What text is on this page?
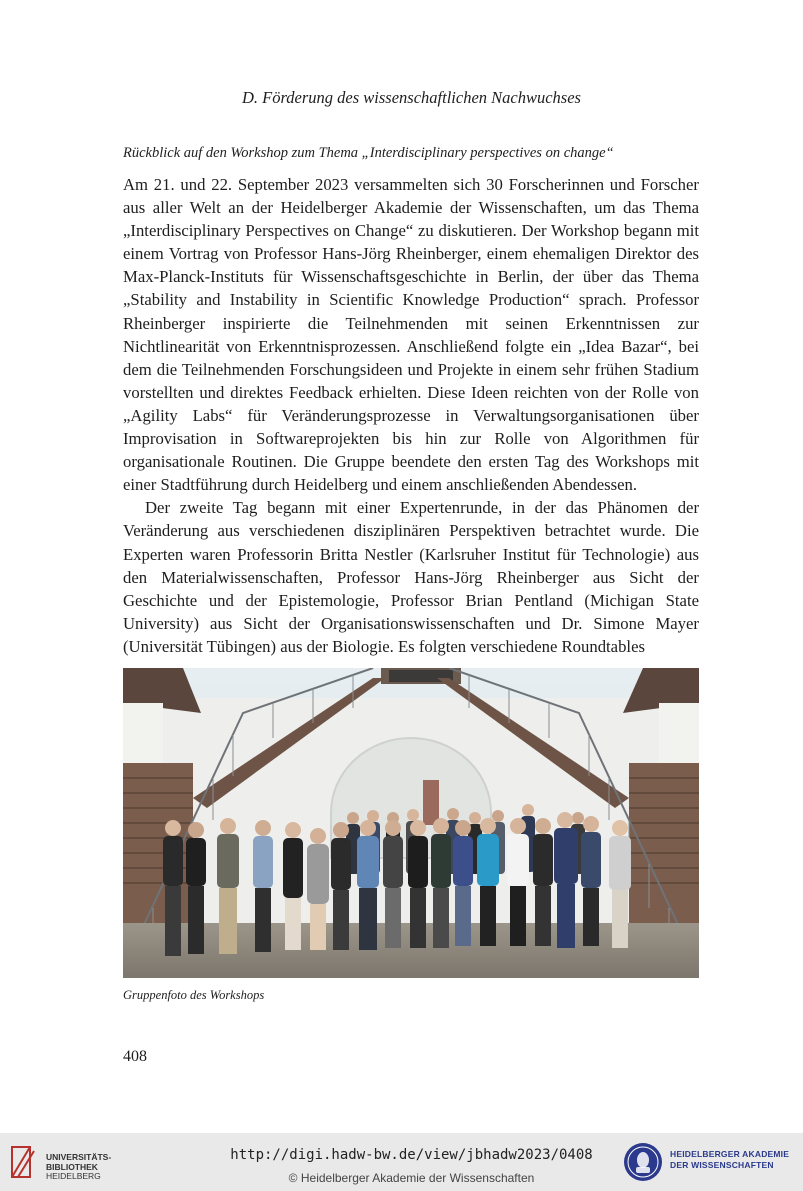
D. Förderung des wissenschaftlichen Nachwuchses
Rückblick auf den Workshop zum Thema „Interdisciplinary perspectives on change“

Am 21. und 22. September 2023 versammelten sich 30 Forscherinnen und Forscher aus aller Welt an der Heidelberger Akademie der Wissenschaften, um das Thema „Interdisciplinary Perspectives on Change“ zu diskutieren. Der Workshop begann mit einem Vortrag von Professor Hans-Jörg Rheinberger, einem ehemaligen Direktor des Max-Planck-Instituts für Wissenschaftsgeschichte in Berlin, der über das Thema „Stability and Instability in Scientific Knowledge Production“ sprach. Professor Rheinberger inspirierte die Teilnehmenden mit seinen Erkenntnissen zur Nichtlinearität von Erkenntnisprozessen. Anschließend folgte ein „Idea Bazar“, bei dem die Teilnehmenden Forschungsideen und Projekte in einem sehr frühen Stadium vorstellten und direktes Feedback erhielten. Diese Ideen reichten von der Rolle von „Agility Labs“ für Veränderungsprozesse in Verwaltungsorganisationen über Improvisation in Softwareprojekten bis hin zur Rolle von Algorithmen für organisationale Routinen. Die Gruppe beendete den ersten Tag des Workshops mit einer Stadtführung durch Heidelberg und einem anschließenden Abendessen.

Der zweite Tag begann mit einer Expertenrunde, in der das Phänomen der Veränderung aus verschiedenen disziplinären Perspektiven betrachtet wurde. Die Experten waren Professorin Britta Nestler (Karlsruher Institut für Technologie) aus den Materialwissenschaften, Professor Hans-Jörg Rheinberger aus Sicht der Geschichte und der Epistemologie, Professor Brian Pentland (Michigan State University) aus Sicht der Organisationswissenschaften und Dr. Simone Mayer (Universität Tübingen) aus der Biologie. Es folgten verschiedene Roundtables

Gruppenfoto des Workshops
408
UNIVERSITÄTS-
BIBLIOTHEK
HEIDELBERG
http://digi.hadw-bw.de/view/jbhadw2023/0408
© Heidelberger Akademie der Wissenschaften
HEIDELBERGER AKADEMIE
DER WISSENSCHAFTEN
